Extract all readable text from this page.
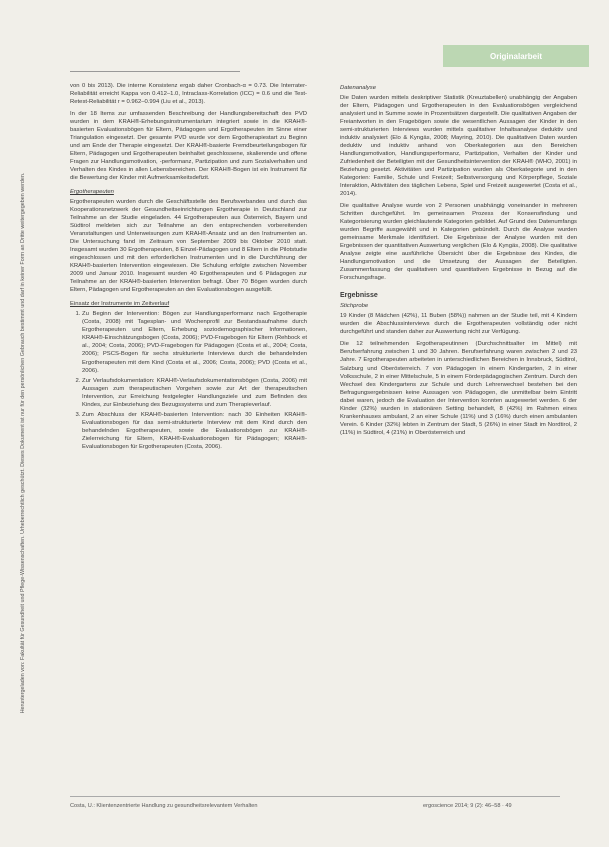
Originalarbeit
Heruntergeladen von: Fakultät für Gesundheit und Pflege-Wissenschaften. Urheberrechtlich geschützt. Dieses Dokument ist nur für den persönlichen Gebrauch bestimmt und darf in keiner Form an Dritte weitergegeben werden.

von 0 bis 2013). Die interne Konsistenz ergab daher Cronbach-α = 0.73. Die Interrater-Reliabilität erreicht Kappa von 0.412–1.0, Intraclass-Korrelation (ICC) = 0.6 und die Test-Retest-Reliabilität r = 0.962–0.994 (Liu et al., 2013).

In der 18 Items zur umfassenden Beschreibung der Handlungsbereitschaft des PVD wurden in dem KRAH®-Erhebungsinstrumentarium integriert sowie in die KRAH®-basierten Evaluationsbögen für Eltern, Pädagogen und Ergotherapeuten im Sinne einer Triangulation eingesetzt. Der gesamte PVD wurde vor dem Ergotherapiestart zu Beginn und am Ende der Therapie eingesetzt. Der KRAH®-basierte Fremdbeurteilungsbogen für Eltern, Pädagogen und Ergotherapeuten beinhaltet geschlossene, skalierende und offene Fragen zur Handlungsmotivation, -performanz, Partizipation und zum Sozialverhalten und Verhalten des Kindes in allen Lebensbereichen. Der KRAH®-Bogen ist ein Instrument für die Bewertung der Kinder mit Aufmerksamkeitsdefizit.

Ergotherapeuten

Ergotherapeuten wurden durch die Geschäftsstelle des Berufsverbandes und durch das Kooperationsnetzwerk der Gesundheitseinrichtungen Ergotherapie in Deutschland zur Teilnahme an der Studie eingeladen. 44 Ergotherapeuten aus Österreich, Bayern und Südtirol meldeten sich zur Teilnahme an den entsprechenden vorbereitenden Veranstaltungen und Unterweisungen zum KRAH®-Ansatz und an den Instrumenten an. Die Untersuchung fand im Zeitraum von September 2009 bis Oktober 2010 statt. Insgesamt wurden 30 Ergotherapeuten, 8 Einzel-Pädagogen und 8 Eltern in die Pilotstudie eingeschlossen und mit den erforderlichen Instrumenten und in die Durchführung der KRAH®-basierten Intervention eingewiesen. Die Schulung erfolgte zwischen November 2009 und Januar 2010. Insgesamt wurden 40 Ergotherapeuten und 6 Pädagogen zur Teilnahme an der KRAH®-basierten Intervention befragt. Über 70 Bögen wurden durch Eltern, Pädagogen und Ergotherapeuten an den Evaluationsbogen ausgefüllt.

Einsatz der Instrumente im Zeitverlauf
1. Zu Beginn der Intervention: Bögen zur Handlungsperformanz nach Ergotherapie (Costa, 2008) mit Tagesplan- und Wochenprofil zur Bestandsaufnahme durch Ergotherapeuten und Eltern, Erhebung soziodemographischer Informationen, KRAH®-Einschätzungsbogen (Costa, 2006); PVD-Fragebogen für Eltern (Rehbock et al., 2004; Costa, 2006); PVD-Fragebogen für Pädagogen (Costa et al., 2004; Costa, 2006); PSCS-Bogen für sechs strukturierte Interviews durch die behandelnden Ergotherapeuten mit dem Kind (Costa et al., 2006; Costa, 2006); PVD (Costa et al., 2006).
2. Zur Verlaufsdokumentation: KRAH®-Verlaufsdokumentationsbögen (Costa, 2006) mit Aussagen zum therapeutischen Vorgehen sowie zur Art der therapeutischen Intervention, zur Erreichung festgelegter Handlungsziele und zum Befinden des Kindes, zur Einbeziehung des Bezugssystems und zum Therapieverlauf.
3. Zum Abschluss der KRAH®-basierten Intervention: nach 30 Einheiten KRAH®-Evaluationsbogen für das semi-strukturierte Interview mit dem Kind durch den behandelnden Ergotherapeuten, sowie die Evaluationsbögen zur KRAH®-Zielerreichung für Eltern, KRAH®-Evaluationsbogen für Pädagogen; KRAH®-Evaluationsbogen für Ergotherapeuten (Costa, 2006).
Datenanalyse

Die Daten wurden mittels deskriptiver Statistik (Kreuztabellen) unabhängig der Angaben der Eltern, Pädagogen und Ergotherapeuten in den Evaluationsbögen vergleichend analysiert und in Summe sowie in Prozentsätzen dargestellt. Die qualitativen Angaben der Freiantworten in den Fragebögen sowie die wesentlichen Aussagen der Kinder in den semi-strukturierten Interviews wurden mittels qualitativer Inhaltsanalyse deduktiv und induktiv analysiert (Elo & Kyngäs, 2008; Mayring, 2010). Die qualitativen Daten wurden deduktiv und induktiv anhand von Oberkategorien aus den Bereichen Handlungsmotivation, Handlungsperformanz, Partizipation, Verhalten der Kinder und Zufriedenheit der Beteiligten mit der Gesundheitsintervention der KRAH® (WHO, 2001) in Beziehung gesetzt. Aktivitäten und Partizipation wurden als Oberkategorie und in den Kategorien: Familie, Schule und Freizeit; Selbstversorgung und Körperpflege, Soziale Interaktion, Aktivitäten des täglichen Lebens, Spiel und Freizeit ausgewertet (Costa et al., 2014).

Die qualitative Analyse wurde von 2 Personen unabhängig voneinander in mehreren Schritten durchgeführt. Im gemeinsamen Prozess der Konsensfindung und Kategorisierung wurden gleichlautende Kategorien gebildet. Auf Grund des Datenumfangs wurden Begriffe ausgewählt und in Kategorien gebündelt. Durch die Analyse wurden gemeinsame Merkmale identifiziert. Die Ergebnisse der Analyse wurden mit den Ergebnissen der quantitativen Auswertung verglichen (Elo & Kyngäs, 2008). Die qualitative Analyse zeigte eine ausführliche Übersicht über die Ergebnisse des Kindes, die Handlungsmotivation und die Umsetzung der Aussagen der Beteiligten. Zusammenfassung der qualitativen und quantitativen Ergebnisse in Bezug auf die Forschungsfrage.

Ergebnisse
Stichprobe

19 Kinder (8 Mädchen (42%), 11 Buben (58%)) nahmen an der Studie teil, mit 4 Kindern wurden die Abschlussinterviews durch die Ergotherapeuten vollständig oder nicht durchgeführt und standen daher zur Auswertung nicht zur Verfügung.

Die 12 teilnehmenden Ergotherapeutinnen (Durchschnittsalter im Mittel) mit Berufserfahrung zwischen 1 und 30 Jahren. Berufserfahrung waren zwischen 2 und 23 Jahre. 7 Ergotherapeuten arbeiteten in unterschiedlichen Bereichen in Innsbruck, Südtirol, Salzburg und Oberösterreich. 7 von Pädagogen in einem Kindergarten, 2 in einer Volksschule, 2 in einer Mittelschule, 5 in einem Förderpädagogischen Zentrum. Durch den Wechsel des Kindergartens zur Schule und durch Lehrerwechsel bestehen bei den Befragungsergebnissen keine Aussagen von Pädagogen, die unmittelbar beim Eintritt dabei waren, jedoch die Evaluation der Intervention konnten ausgewertet werden. 6 der Kinder (32%) wurden in stationären Setting behandelt, 8 (42%) im Rahmen eines Krankenhauses ambulant, 2 an einer Schule (11%) und 3 (16%) durch einen ambulanten Verein. 6 Kinder (32%) lebten in Zentrum der Stadt, 5 (26%) in einer Stadt im Nordtirol, 2 (11%) in Südtirol, 4 (21%) in Oberösterreich und

Costa, U.: Klientenzentrierte Handlung zu gesundheitsrelevantem Verhalten	ergoscience 2014; 9 (2): 46–58 · 49
